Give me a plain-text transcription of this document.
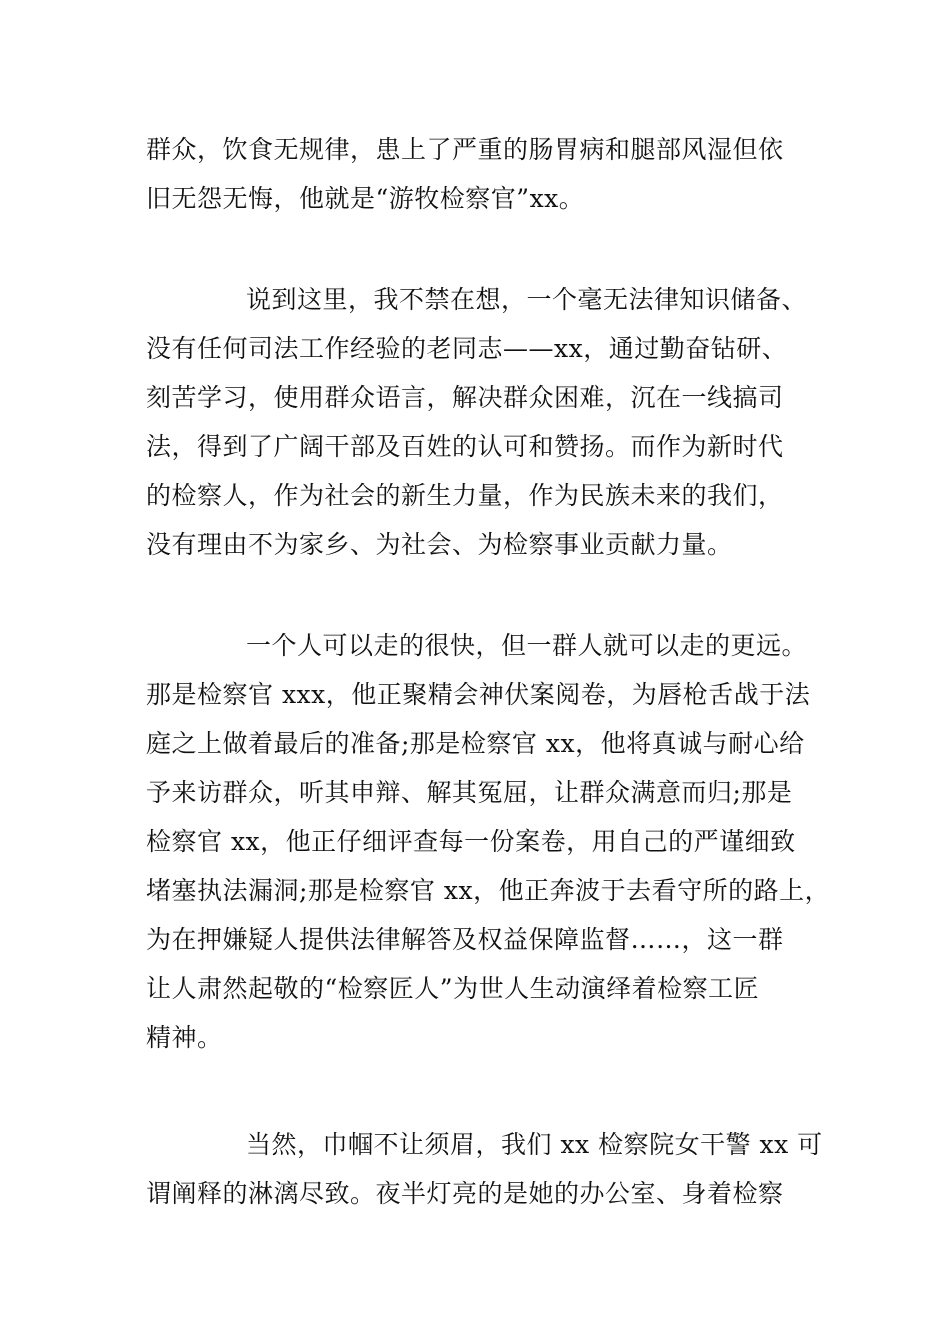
群众，饮食无规律，患上了严重的肠胃病和腿部风湿但依
旧无怨无悔，他就是“游牧检察官”xx。
说到这里，我不禁在想，一个毫无法律知识储备、
没有任何司法工作经验的老同志——xx，通过勤奋钻研、
刻苦学习，使用群众语言，解决群众困难，沉在一线搞司
法，得到了广阔干部及百姓的认可和赞扬。而作为新时代
的检察人，作为社会的新生力量，作为民族未来的我们，
没有理由不为家乡、为社会、为检察事业贡献力量。
一个人可以走的很快，但一群人就可以走的更远。
那是检察官 xxx，他正聚精会神伏案阅卷，为唇枪舌战于法
庭之上做着最后的准备;那是检察官 xx，他将真诚与耐心给
予来访群众，听其申辩、解其冤屈，让群众满意而归;那是
检察官 xx，他正仔细评查每一份案卷，用自己的严谨细致
堵塞执法漏洞;那是检察官 xx，他正奔波于去看守所的路上，
为在押嫌疑人提供法律解答及权益保障监督……，这一群
让人肃然起敬的“检察匠人”为世人生动演绎着检察工匠
精神。
当然，巾帼不让须眉，我们 xx 检察院女干警 xx 可
谓阐释的淋漓尽致。夜半灯亮的是她的办公室、身着检察
